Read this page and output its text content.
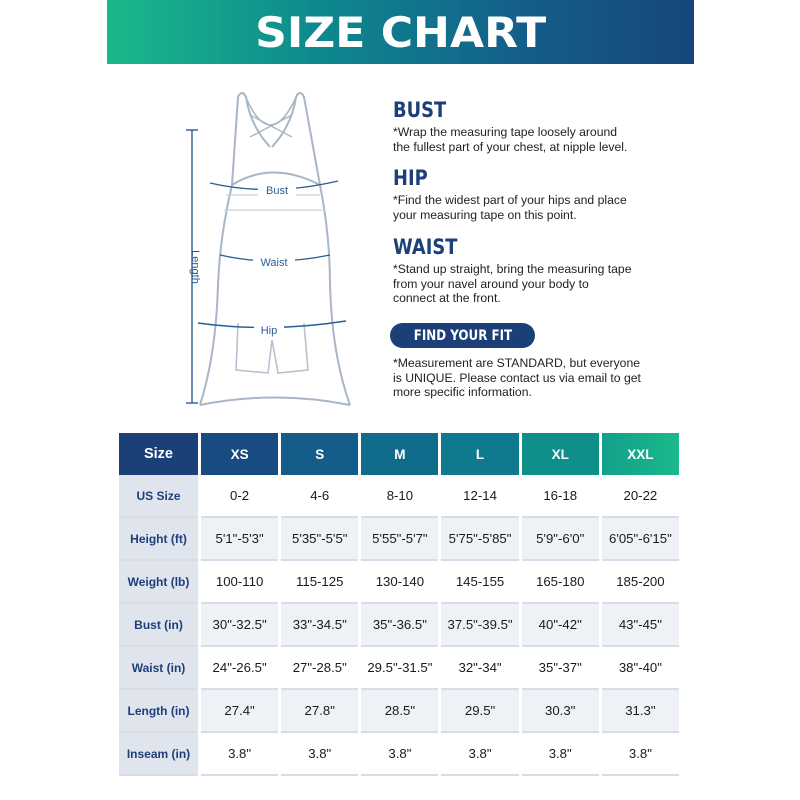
SIZE CHART
Length
Bust
Waist
Hip
BUST
*Wrap the measuring tape loosely around
the fullest part of your chest, at nipple level.
HIP
*Find the widest part of your hips and place
your measuring tape on this point.
WAIST
*Stand up straight, bring the measuring tape
from your navel around your body to
connect at the front.
*Measurement are STANDARD, but everyone
is UNIQUE. Please contact us via email to get
more specific information.
FIND YOUR FIT
Size	XS	S	M	L	XL	XXL
US Size	0-2	4-6	8-10	12-14	16-18	20-22
Height (ft)	5'1"-5'3"	5'35"-5'5"	5'55"-5'7"	5'75"-5'85"	5'9"-6'0"	6'05"-6'15"
Weight (lb)	100-110	115-125	130-140	145-155	165-180	185-200
Bust (in)	30"-32.5"	33"-34.5"	35"-36.5"	37.5"-39.5"	40"-42"	43"-45"
Waist (in)	24"-26.5"	27"-28.5"	29.5"-31.5"	32"-34"	35"-37"	38"-40"
Length (in)	27.4"	27.8"	28.5"	29.5"	30.3"	31.3"
Inseam (in)	3.8"	3.8"	3.8"	3.8"	3.8"	3.8"
